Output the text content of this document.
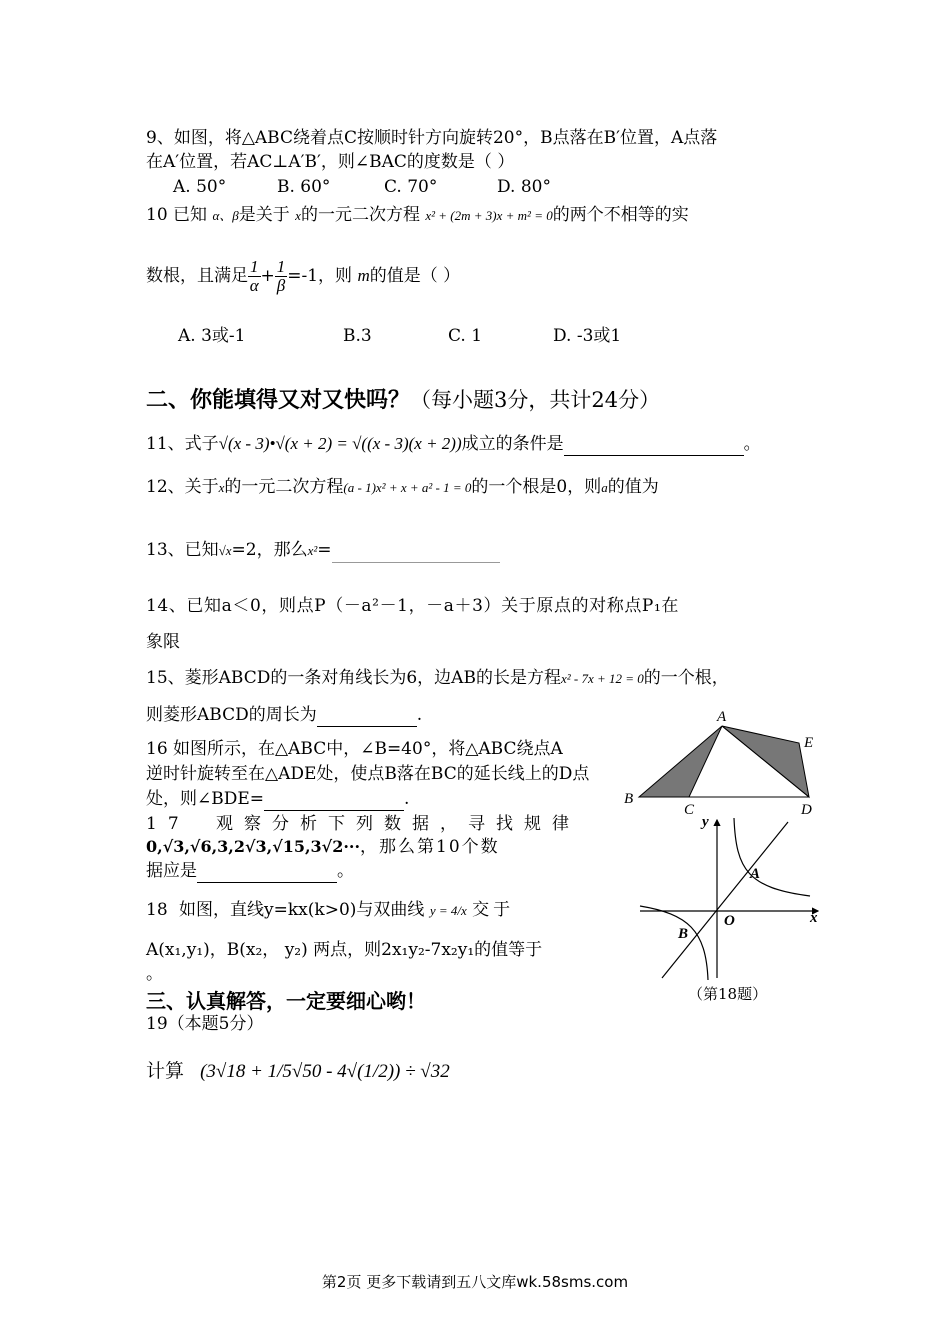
9、如图，将△ABC绕着点C按顺时针方向旋转20°，B点落在B′位置，A点落
在A′位置，若AC⊥A′B′，则∠BAC的度数是（ ）
A. 50°	B. 60°	C. 70°	D. 80°
10 已知 α、β是关于 x的一元二次方程 x² + (2m + 3)x + m² = 0的两个不相等的实
数根，且满足 $\frac{1}{\alpha} + \frac{1}{\beta} =-1$，则 m的值是（ ）
A. 3或-1	B.3	C. 1	D. -3或1
二、你能填得又对又快吗？（每小题3分，共计24分）
11、式子√(x - 3)•√(x + 2) = √((x - 3)(x + 2))成立的条件是	。
12、关于x的一元二次方程(a - 1)x² + x + a² - 1 = 0的一个根是0，则a的值为
13、已知√x=2，那么x²=
14、已知a＜0，则点P（－a²－1，－a＋3）关于原点的对称点P₁在
象限
15、菱形ABCD的一条对角线长为6，边AB的长是方程x² - 7x + 12 = 0的一个根，
则菱形ABCD的周长为	.
16 如图所示，在△ABC中，∠B=40°，将△ABC绕点A
逆时针旋转至在△ADE处，使点B落在BC的延长线上的D点
处，则∠BDE=	.
17 观察分析下列数据，寻找规律
0,√3,√6,3,2√3,√15,3√2···，那么第10个数
据应是	。
18 如图，直线y=kx(k>0)与双曲线 y = 4/x 交于
A(x₁,y₁)，B(x₂， y₂) 两点，则2x₁y₂-7x₂y₁的值等于
。
三、认真解答，一定要细心哟！
19（本题5分）
计算 (3√18 + 1/5√50 - 4√(1/2)) ÷ √32
A
B
C	D
E
y
x
O
A
B
（第18题）
第2页 更多下载请到五八文库wk.58sms.com
